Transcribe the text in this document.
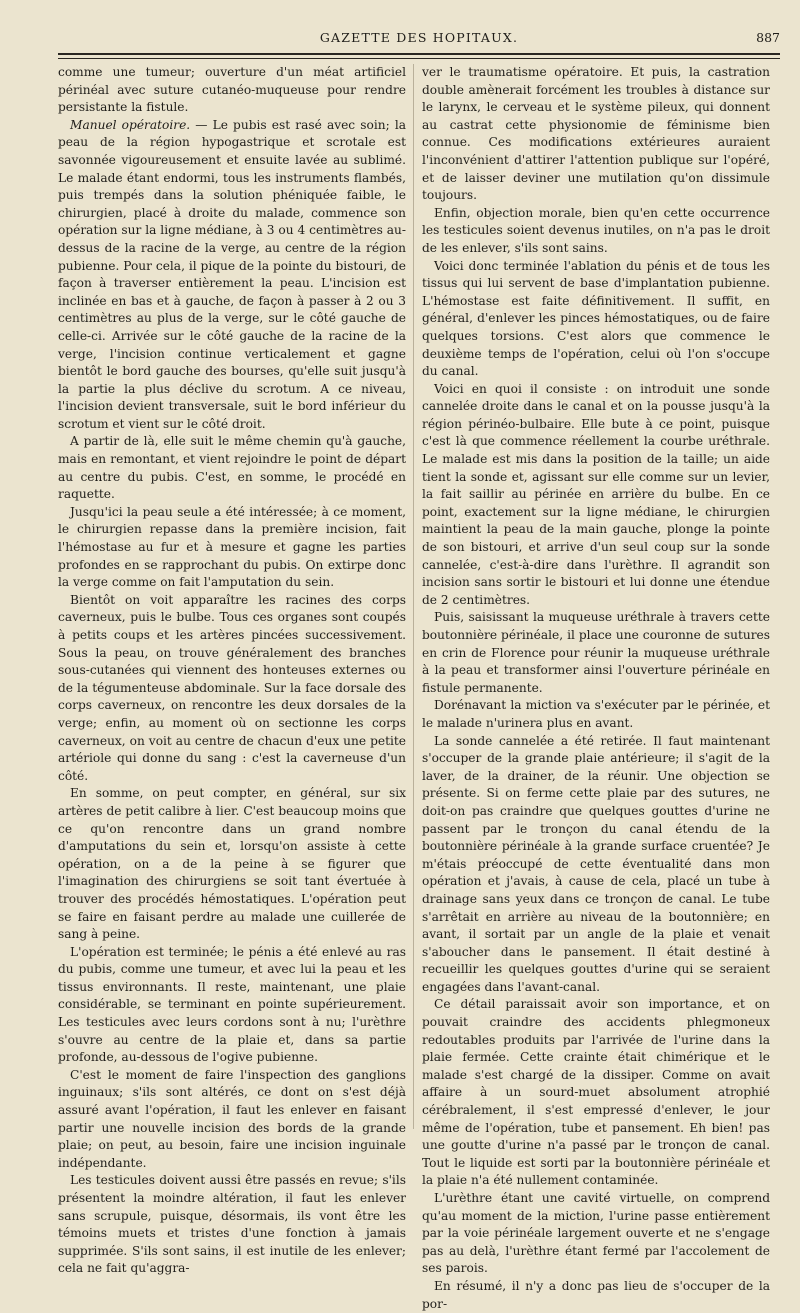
GAZETTE DES HOPITAUX.	887

comme une tumeur; ouverture d'un méat artificiel périnéal avec suture cutanéo-muqueuse pour rendre persistante la fistule.

Manuel opératoire. — Le pubis est rasé avec soin; la peau de la région hypogastrique et scrotale est savonnée vigoureusement et ensuite lavée au sublimé. Le malade étant endormi, tous les instruments flambés, puis trempés dans la solution phéniquée faible, le chirurgien, placé à droite du malade, commence son opération sur la ligne médiane, à 3 ou 4 centimètres au-dessus de la racine de la verge, au centre de la région pubienne. Pour cela, il pique de la pointe du bistouri, de façon à traverser entièrement la peau. L'incision est inclinée en bas et à gauche, de façon à passer à 2 ou 3 centimètres au plus de la verge, sur le côté gauche de celle-ci. Arrivée sur le côté gauche de la racine de la verge, l'incision continue verticalement et gagne bientôt le bord gauche des bourses, qu'elle suit jusqu'à la partie la plus déclive du scrotum. A ce niveau, l'incision devient transversale, suit le bord inférieur du scrotum et vient sur le côté droit.

A partir de là, elle suit le même chemin qu'à gauche, mais en remontant, et vient rejoindre le point de départ au centre du pubis. C'est, en somme, le procédé en raquette.

Jusqu'ici la peau seule a été intéressée; à ce moment, le chirurgien repasse dans la première incision, fait l'hémostase au fur et à mesure et gagne les parties profondes en se rapprochant du pubis. On extirpe donc la verge comme on fait l'amputation du sein.

Bientôt on voit apparaître les racines des corps caverneux, puis le bulbe. Tous ces organes sont coupés à petits coups et les artères pincées successivement. Sous la peau, on trouve généralement des branches sous-cutanées qui viennent des honteuses externes ou de la tégumenteuse abdominale. Sur la face dorsale des corps caverneux, on rencontre les deux dorsales de la verge; enfin, au moment où on sectionne les corps caverneux, on voit au centre de chacun d'eux une petite artériole qui donne du sang : c'est la caverneuse d'un côté.

En somme, on peut compter, en général, sur six artères de petit calibre à lier. C'est beaucoup moins que ce qu'on rencontre dans un grand nombre d'amputations du sein et, lorsqu'on assiste à cette opération, on a de la peine à se figurer que l'imagination des chirurgiens se soit tant évertuée à trouver des procédés hémostatiques. L'opération peut se faire en faisant perdre au malade une cuillerée de sang à peine.

L'opération est terminée; le pénis a été enlevé au ras du pubis, comme une tumeur, et avec lui la peau et les tissus environnants. Il reste, maintenant, une plaie considérable, se terminant en pointe supérieurement. Les testicules avec leurs cordons sont à nu; l'urèthre s'ouvre au centre de la plaie et, dans sa partie profonde, au-dessous de l'ogive pubienne.

C'est le moment de faire l'inspection des ganglions inguinaux; s'ils sont altérés, ce dont on s'est déjà assuré avant l'opération, il faut les enlever en faisant partir une nouvelle incision des bords de la grande plaie; on peut, au besoin, faire une incision inguinale indépendante.

Les testicules doivent aussi être passés en revue; s'ils présentent la moindre altération, il faut les enlever sans scrupule, puisque, désormais, ils vont être les témoins muets et tristes d'une fonction à jamais supprimée. S'ils sont sains, il est inutile de les enlever; cela ne fait qu'aggra-

ver le traumatisme opératoire. Et puis, la castration double amènerait forcément les troubles à distance sur le larynx, le cerveau et le système pileux, qui donnent au castrat cette physionomie de féminisme bien connue. Ces modifications extérieures auraient l'inconvénient d'attirer l'attention publique sur l'opéré, et de laisser deviner une mutilation qu'on dissimule toujours.

Enfin, objection morale, bien qu'en cette occurrence les testicules soient devenus inutiles, on n'a pas le droit de les enlever, s'ils sont sains.

Voici donc terminée l'ablation du pénis et de tous les tissus qui lui servent de base d'implantation pubienne. L'hémostase est faite définitivement. Il suffit, en général, d'enlever les pinces hémostatiques, ou de faire quelques torsions. C'est alors que commence le deuxième temps de l'opération, celui où l'on s'occupe du canal.

Voici en quoi il consiste : on introduit une sonde cannelée droite dans le canal et on la pousse jusqu'à la région périnéo-bulbaire. Elle bute à ce point, puisque c'est là que commence réellement la courbe uréthrale. Le malade est mis dans la position de la taille; un aide tient la sonde et, agissant sur elle comme sur un levier, la fait saillir au périnée en arrière du bulbe. En ce point, exactement sur la ligne médiane, le chirurgien maintient la peau de la main gauche, plonge la pointe de son bistouri, et arrive d'un seul coup sur la sonde cannelée, c'est-à-dire dans l'urèthre. Il agrandit son incision sans sortir le bistouri et lui donne une étendue de 2 centimètres.

Puis, saisissant la muqueuse uréthrale à travers cette boutonnière périnéale, il place une couronne de sutures en crin de Florence pour réunir la muqueuse uréthrale à la peau et transformer ainsi l'ouverture périnéale en fistule permanente.

Dorénavant la miction va s'exécuter par le périnée, et le malade n'urinera plus en avant.

La sonde cannelée a été retirée. Il faut maintenant s'occuper de la grande plaie antérieure; il s'agit de la laver, de la drainer, de la réunir. Une objection se présente. Si on ferme cette plaie par des sutures, ne doit-on pas craindre que quelques gouttes d'urine ne passent par le tronçon du canal étendu de la boutonnière périnéale à la grande surface cruentée? Je m'étais préoccupé de cette éventualité dans mon opération et j'avais, à cause de cela, placé un tube à drainage sans yeux dans ce tronçon de canal. Le tube s'arrêtait en arrière au niveau de la boutonnière; en avant, il sortait par un angle de la plaie et venait s'aboucher dans le pansement. Il était destiné à recueillir les quelques gouttes d'urine qui se seraient engagées dans l'avant-canal.

Ce détail paraissait avoir son importance, et on pouvait craindre des accidents phlegmoneux redoutables produits par l'arrivée de l'urine dans la plaie fermée. Cette crainte était chimérique et le malade s'est chargé de la dissiper. Comme on avait affaire à un sourd-muet absolument atrophié cérébralement, il s'est empressé d'enlever, le jour même de l'opération, tube et pansement. Eh bien! pas une goutte d'urine n'a passé par le tronçon de canal. Tout le liquide est sorti par la boutonnière périnéale et la plaie n'a été nullement contaminée.

L'urèthre étant une cavité virtuelle, on comprend qu'au moment de la miction, l'urine passe entièrement par la voie périnéale largement ouverte et ne s'engage pas au delà, l'urèthre étant fermé par l'accolement de ses parois.

En résumé, il n'y a donc pas lieu de s'occuper de la por-
